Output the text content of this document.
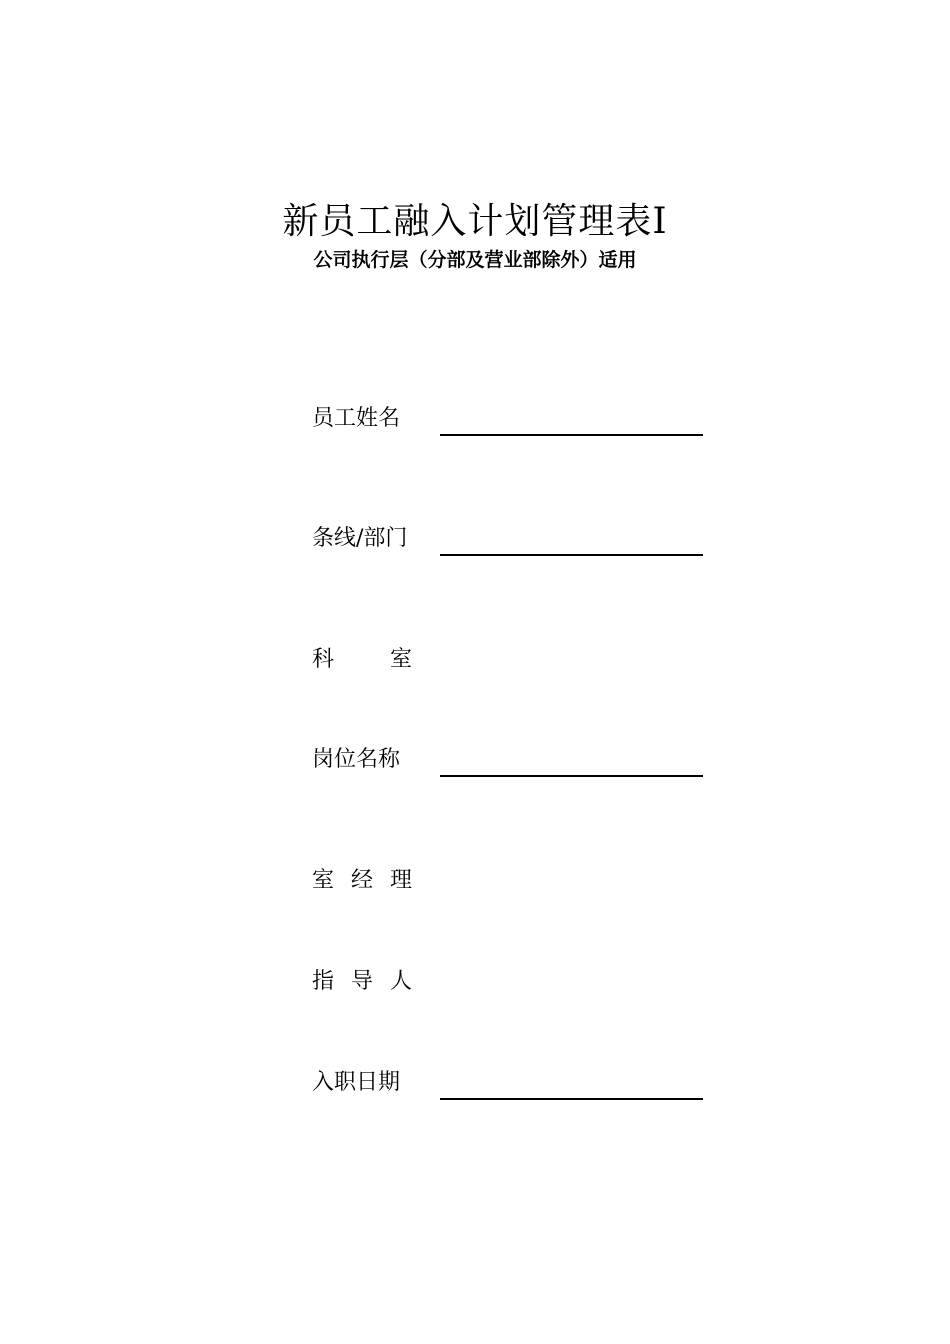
新员工融入计划管理表Ⅰ
公司执行层（分部及营业部除外）适用
员工姓名
条线/部门
科	室
岗位名称
室 经 理
指 导 人
入职日期
